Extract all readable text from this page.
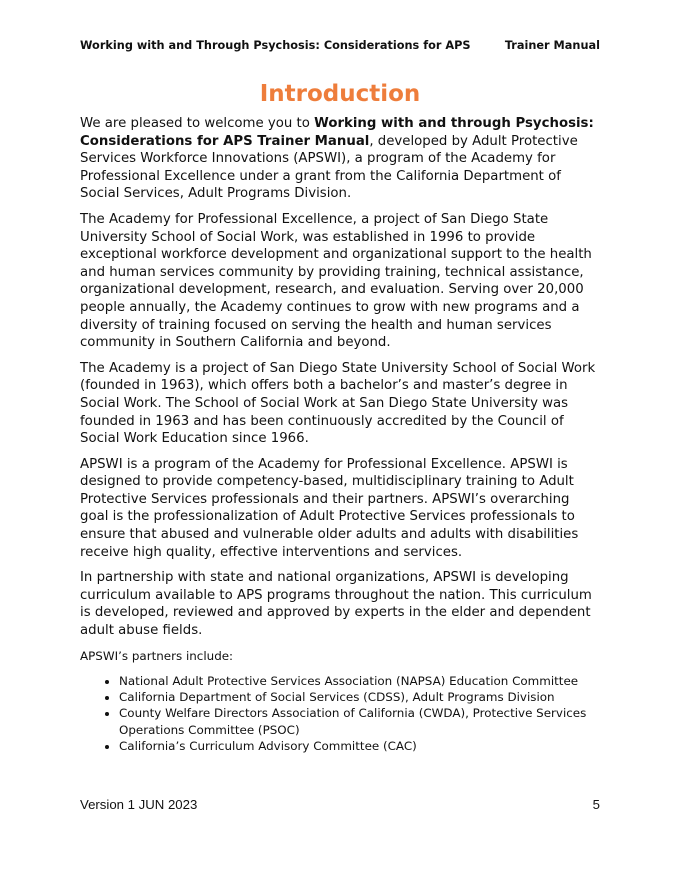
Working with and Through Psychosis: Considerations for APS	Trainer Manual
Introduction

We are pleased to welcome you to Working with and through Psychosis: Considerations for APS Trainer Manual, developed by Adult Protective Services Workforce Innovations (APSWI), a program of the Academy for Professional Excellence under a grant from the California Department of Social Services, Adult Programs Division.

The Academy for Professional Excellence, a project of San Diego State University School of Social Work, was established in 1996 to provide exceptional workforce development and organizational support to the health and human services community by providing training, technical assistance, organizational development, research, and evaluation. Serving over 20,000 people annually, the Academy continues to grow with new programs and a diversity of training focused on serving the health and human services community in Southern California and beyond.

The Academy is a project of San Diego State University School of Social Work (founded in 1963), which offers both a bachelor’s and master’s degree in Social Work. The School of Social Work at San Diego State University was founded in 1963 and has been continuously accredited by the Council of Social Work Education since 1966.

APSWI is a program of the Academy for Professional Excellence. APSWI is designed to provide competency-based, multidisciplinary training to Adult Protective Services professionals and their partners. APSWI’s overarching goal is the professionalization of Adult Protective Services professionals to ensure that abused and vulnerable older adults and adults with disabilities receive high quality, effective interventions and services.

In partnership with state and national organizations, APSWI is developing curriculum available to APS programs throughout the nation. This curriculum is developed, reviewed and approved by experts in the elder and dependent adult abuse fields.

APSWI’s partners include:

• National Adult Protective Services Association (NAPSA) Education Committee
• California Department of Social Services (CDSS), Adult Programs Division
• County Welfare Directors Association of California (CWDA), Protective Services Operations Committee (PSOC)
• California’s Curriculum Advisory Committee (CAC)
Version 1 JUN 2023	5
